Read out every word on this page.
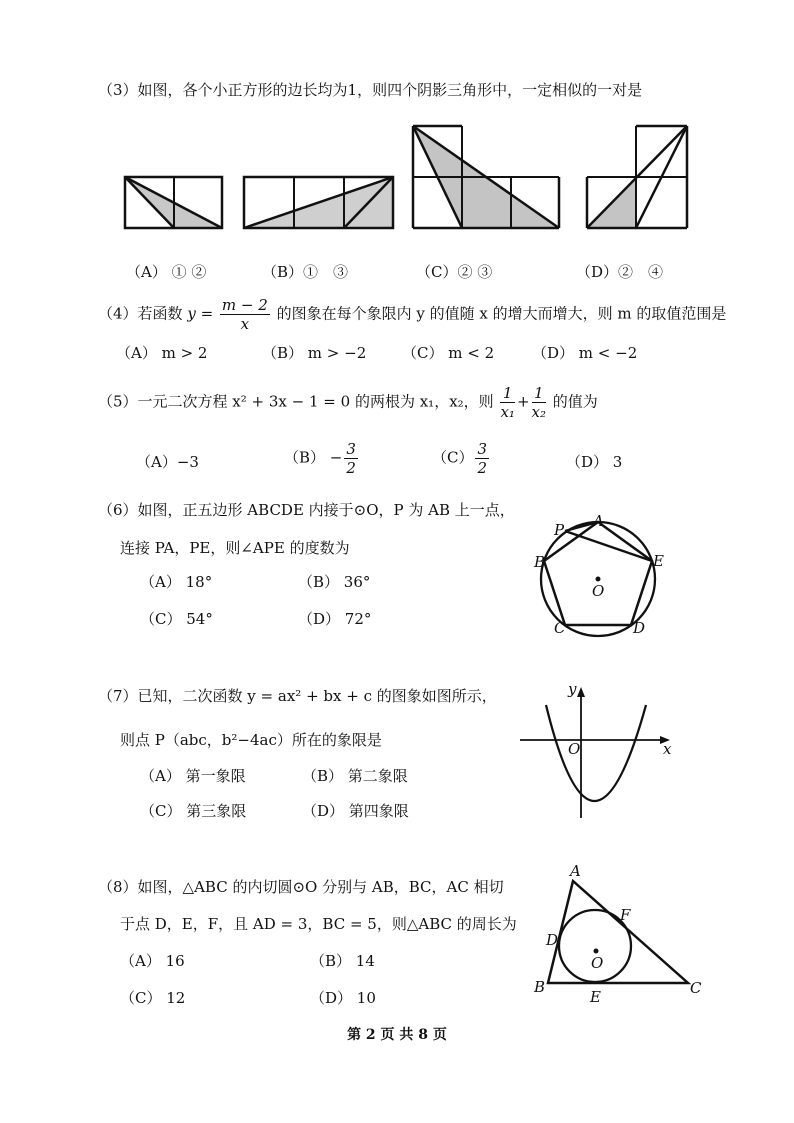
（3）如图，各个小正方形的边长均为1，则四个阴影三角形中，一定相似的一对是
（A） ① ②	（B）①　③	（C）② ③	（D）②　④
（4）若函数 $y = \frac{m - 2}{x}$ 的图象在每个象限内 y 的值随 x 的增大而增大，则 m 的取值范围是
（A） m > 2	（B） m > −2 （C） m < 2	（D） m < −2
（5）一元二次方程 x² + 3x − 1 = 0 的两根为 x₁，x₂，则 $\frac{1}{\text{x₁}} + \frac{1}{\text{x₂}}$ 的值为
（A）−3	$(B) - \frac{3}{2}$	$(C) \frac{3}{2}$	（D） 3
（6）如图，正五边形 ABCDE 内接于⊙O，P 为 AB 上一点，
连接 PA，PE，则∠APE 的度数为
（A） 18°	（B） 36°
（C） 54°	（D） 72°
P A
B	E
O
C	D
（7）已知，二次函数 y = ax² + bx + c 的图象如图所示，
则点 P（abc，b²−4ac）所在的象限是
（A） 第一象限	（B） 第二象限
（C） 第三象限	（D） 第四象限
y
x
O
（8）如图，△ABC 的内切圆⊙O 分别与 AB，BC，AC 相切
于点 D，E，F，且 AD = 3，BC = 5，则△ABC 的周长为
（A） 16	（B） 14
（C） 12	（D） 10
A
B	C
D
E
F
O
第 2 页 共 8 页
